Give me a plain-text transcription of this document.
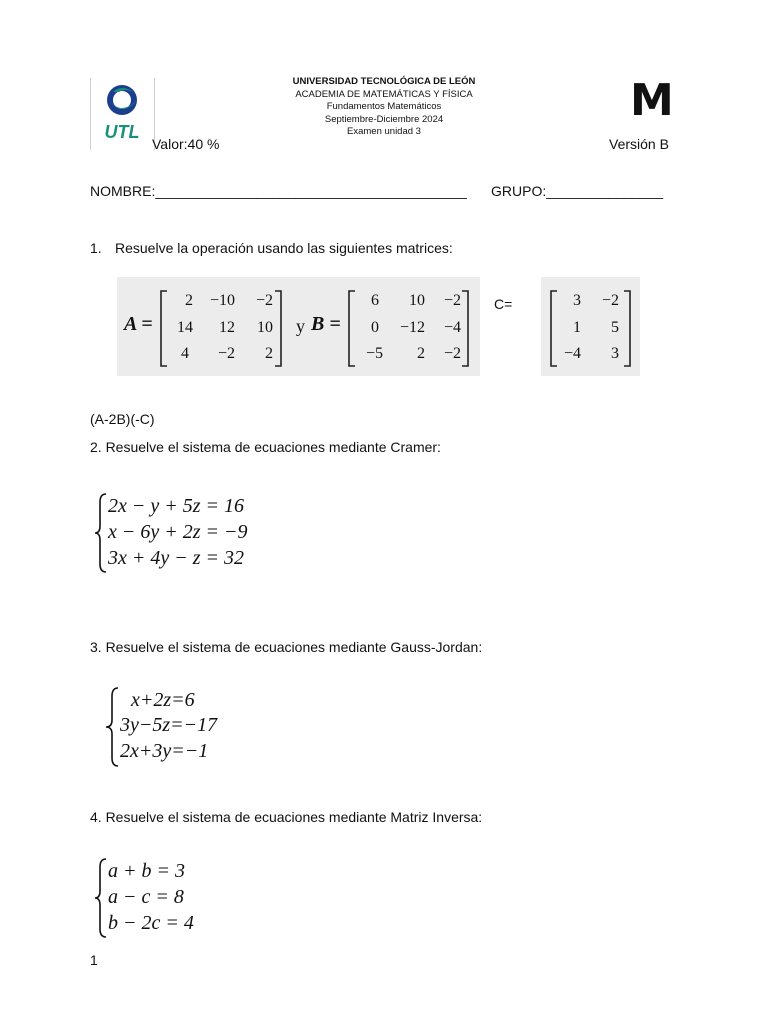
UTL
UNIVERSIDAD TECNOLÓGICA DE LEÓN
ACADEMIA DE MATEMÁTICAS Y FÍSICA
Fundamentos Matemáticos
Septiembre-Diciembre 2024
Examen unidad 3
Valor:40 %
M
Versión B
NOMBRE:________________________________________ GRUPO:_______________
1. Resuelve la operación usando las siguientes matrices:
A =
2	−10	−2
14	12	10
4	−2	2
y B =
6	10	−2
0	−12	−4
−5	2	−2
C=	3	−2
1	5
−4	3
(A-2B)(-C)
2. Resuelve el sistema de ecuaciones mediante Cramer:
2x − y + 5z = 16
x − 6y + 2z = −9
3x + 4y − z = 32
3. Resuelve el sistema de ecuaciones mediante Gauss-Jordan:
x+2z=6
3y−5z=−17
2x+3y=−1
4. Resuelve el sistema de ecuaciones mediante Matriz Inversa:
a + b = 3
a − c = 8
b − 2c = 4
1
